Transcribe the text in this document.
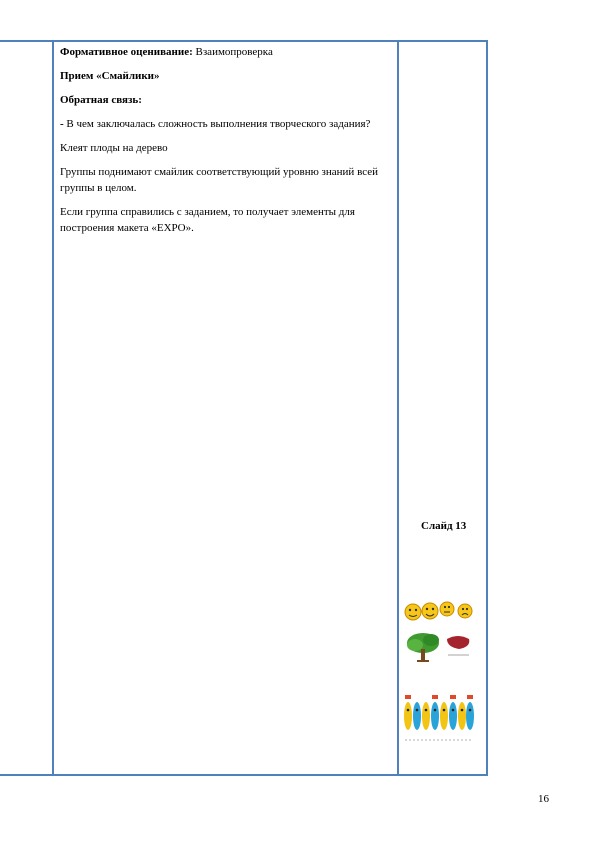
Формативное оценивание: Взаимопроверка

Прием «Смайлики»

Обратная связь:

- В чем заключалась сложность выполнения творческого задания?

Клеят плоды на дерево

Группы поднимают смайлик соответствующий уровню знаний всей группы в целом.

Если группа справились с заданием, то получает элементы для построения макета «EXPO».

Слайд 13
16
